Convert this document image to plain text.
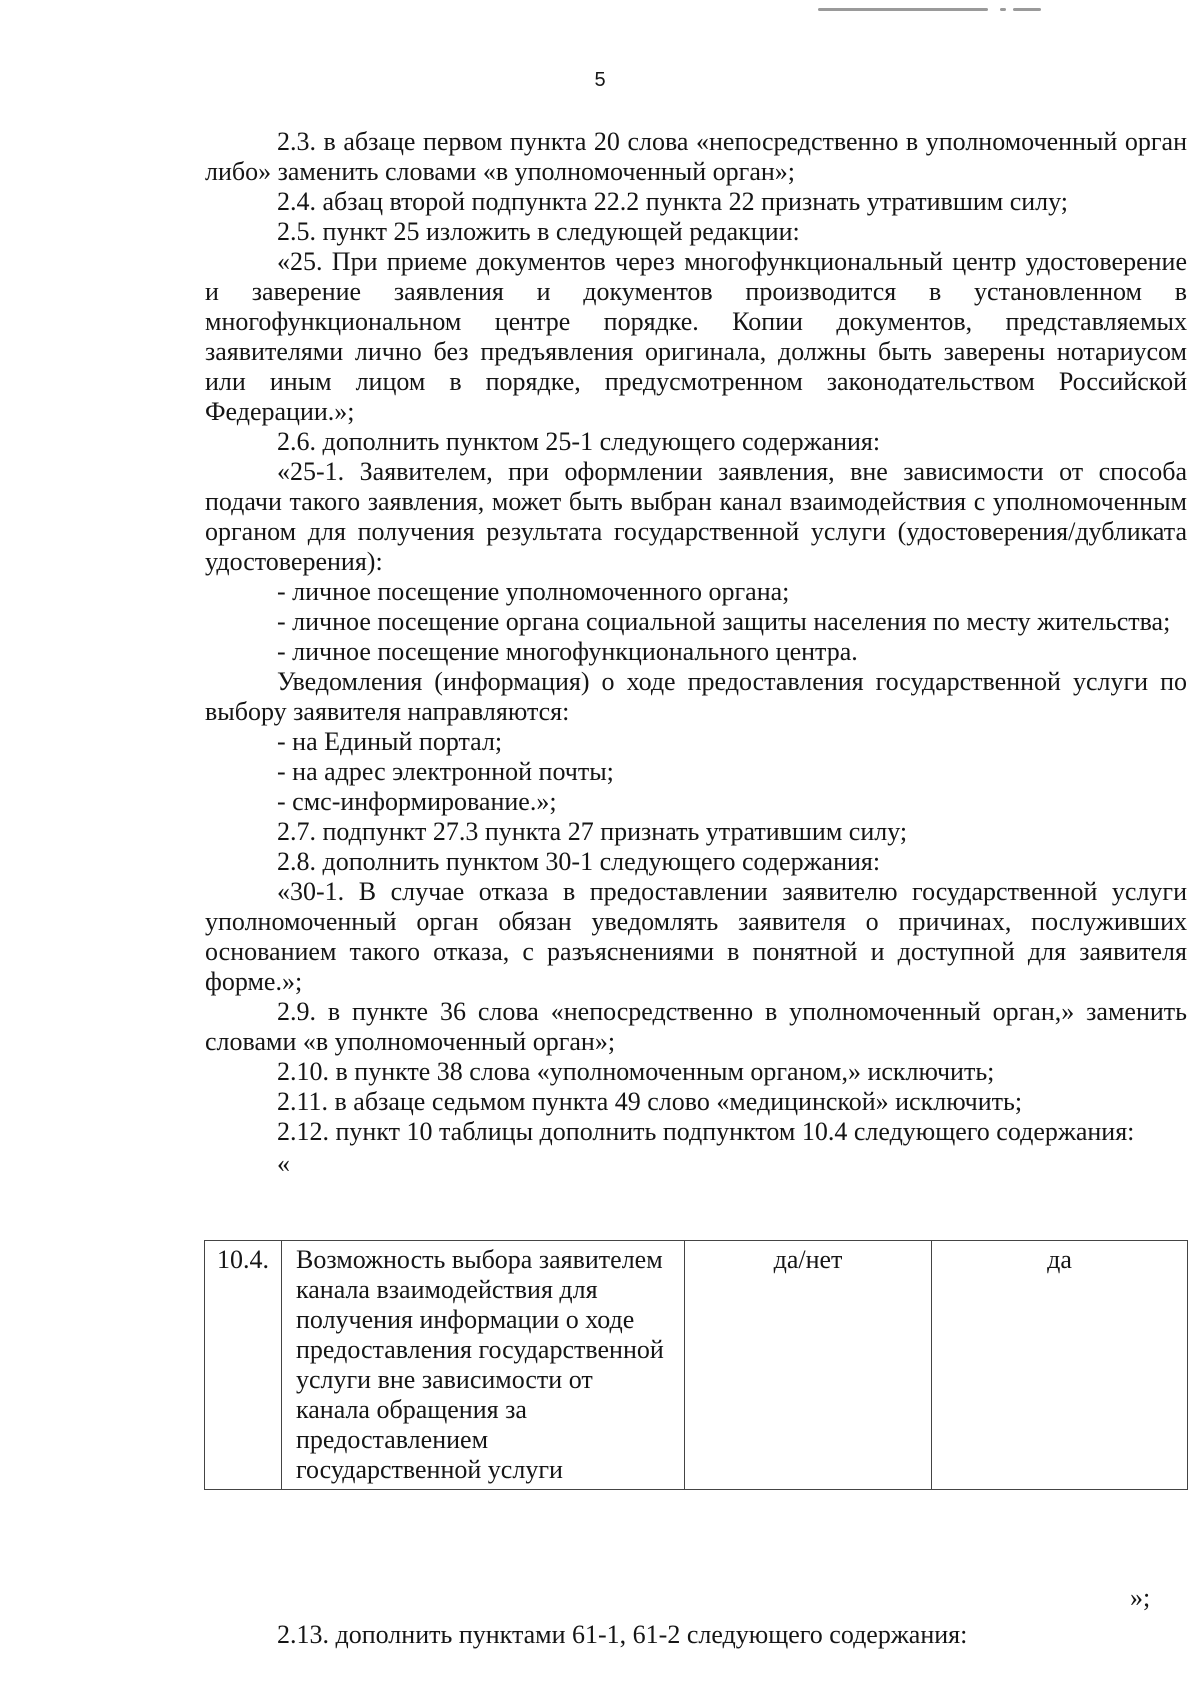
5

2.3. в абзаце первом пункта 20 слова «непосредственно в уполномоченный орган либо» заменить словами «в уполномоченный орган»;

2.4. абзац второй подпункта 22.2 пункта 22 признать утратившим силу;

2.5. пункт 25 изложить в следующей редакции:

«25. При приеме документов через многофункциональный центр удостоверение и заверение заявления и документов производится в установленном в многофункциональном центре порядке. Копии документов, представляемых заявителями лично без предъявления оригинала, должны быть заверены нотариусом или иным лицом в порядке, предусмотренном законодательством Российской Федерации.»;

2.6. дополнить пунктом 25-1 следующего содержания:

«25-1. Заявителем, при оформлении заявления, вне зависимости от способа подачи такого заявления, может быть выбран канал взаимодействия с уполномоченным органом для получения результата государственной услуги (удостоверения/дубликата удостоверения):

- личное посещение уполномоченного органа;

- личное посещение органа социальной защиты населения по месту жительства;

- личное посещение многофункционального центра.

Уведомления (информация) о ходе предоставления государственной услуги по выбору заявителя направляются:

- на Единый портал;

- на адрес электронной почты;

- смс-информирование.»;

2.7. подпункт 27.3 пункта 27 признать утратившим силу;

2.8. дополнить пунктом 30-1 следующего содержания:

«30-1. В случае отказа в предоставлении заявителю государственной услуги уполномоченный орган обязан уведомлять заявителя о причинах, послуживших основанием такого отказа, с разъяснениями в понятной и доступной для заявителя форме.»;

2.9. в пункте 36 слова «непосредственно в уполномоченный орган,» заменить словами «в уполномоченный орган»;

2.10. в пункте 38 слова «уполномоченным органом,» исключить;

2.11. в абзаце седьмом пункта 49 слово «медицинской» исключить;

2.12. пункт 10 таблицы дополнить подпунктом 10.4 следующего содержания:

«

10.4.	Возможность выбора заявителем канала взаимодействия для получения информации о ходе предоставления государственной услуги вне зависимости от канала обращения за предоставлением государственной услуги	да/нет	да
»;
2.13. дополнить пунктами 61-1, 61-2 следующего содержания:
